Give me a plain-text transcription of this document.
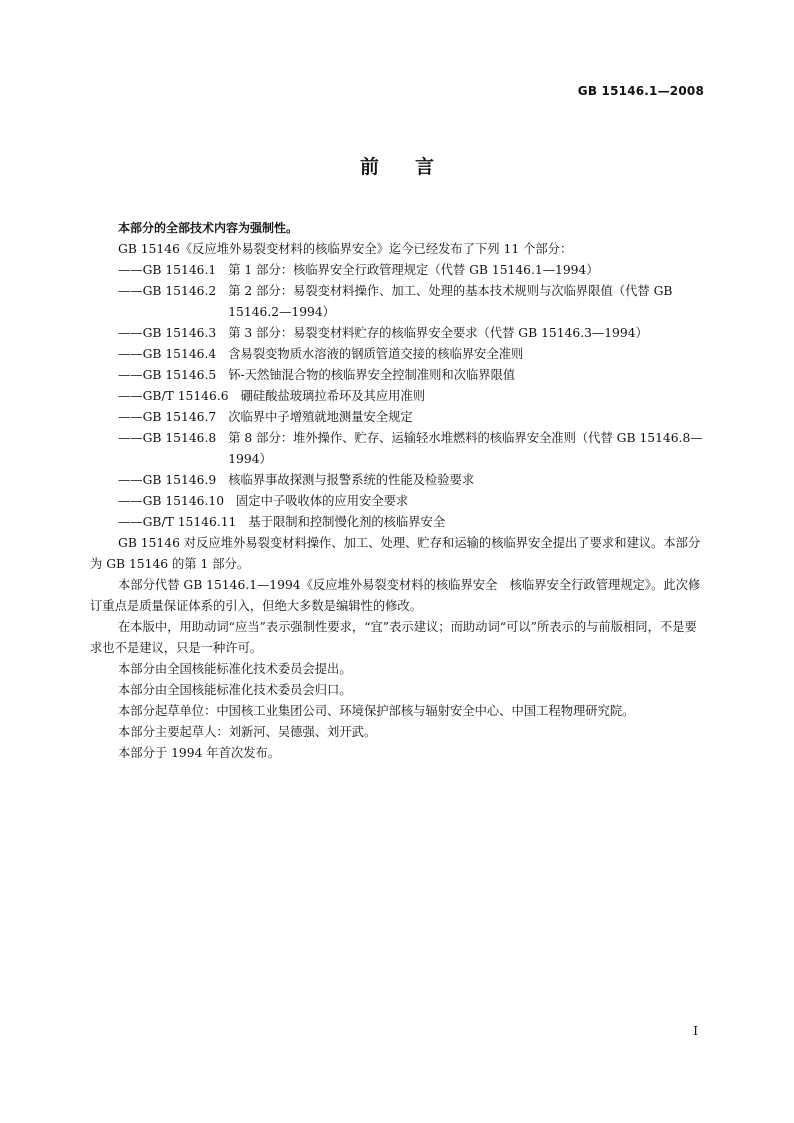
GB 15146.1—2008
前言

本部分的全部技术内容为强制性。

GB 15146《反应堆外易裂变材料的核临界安全》迄今已经发布了下列 11 个部分：

—— GB 15146.1 第 1 部分：核临界安全行政管理规定（代替 GB 15146.1—1994）

—— GB 15146.2 第 2 部分：易裂变材料操作、加工、处理的基本技术规则与次临界限值（代替 GB 15146.2—1994）

—— GB 15146.3 第 3 部分：易裂变材料贮存的核临界安全要求（代替 GB 15146.3—1994）

—— GB 15146.4 含易裂变物质水溶液的钢质管道交接的核临界安全准则

—— GB 15146.5 钚-天然铀混合物的核临界安全控制准则和次临界限值

—— GB/T 15146.6 硼硅酸盐玻璃拉希环及其应用准则

—— GB 15146.7 次临界中子增殖就地测量安全规定

—— GB 15146.8 第 8 部分：堆外操作、贮存、运输轻水堆燃料的核临界安全准则（代替 GB 15146.8—1994）

—— GB 15146.9 核临界事故探测与报警系统的性能及检验要求

—— GB 15146.10 固定中子吸收体的应用安全要求

—— GB/T 15146.11 基于限制和控制慢化剂的核临界安全

GB 15146 对反应堆外易裂变材料操作、加工、处理、贮存和运输的核临界安全提出了要求和建议。本部分为 GB 15146 的第 1 部分。

本部分代替 GB 15146.1—1994《反应堆外易裂变材料的核临界安全　核临界安全行政管理规定》。此次修订重点是质量保证体系的引入，但绝大多数是编辑性的修改。

在本版中，用助动词“应当”表示强制性要求，“宜”表示建议；而助动词“可以”所表示的与前版相同，不是要求也不是建议，只是一种许可。

本部分由全国核能标准化技术委员会提出。

本部分由全国核能标准化技术委员会归口。

本部分起草单位：中国核工业集团公司、环境保护部核与辐射安全中心、中国工程物理研究院。

本部分主要起草人：刘新河、吴德强、刘开武。

本部分于 1994 年首次发布。

I
